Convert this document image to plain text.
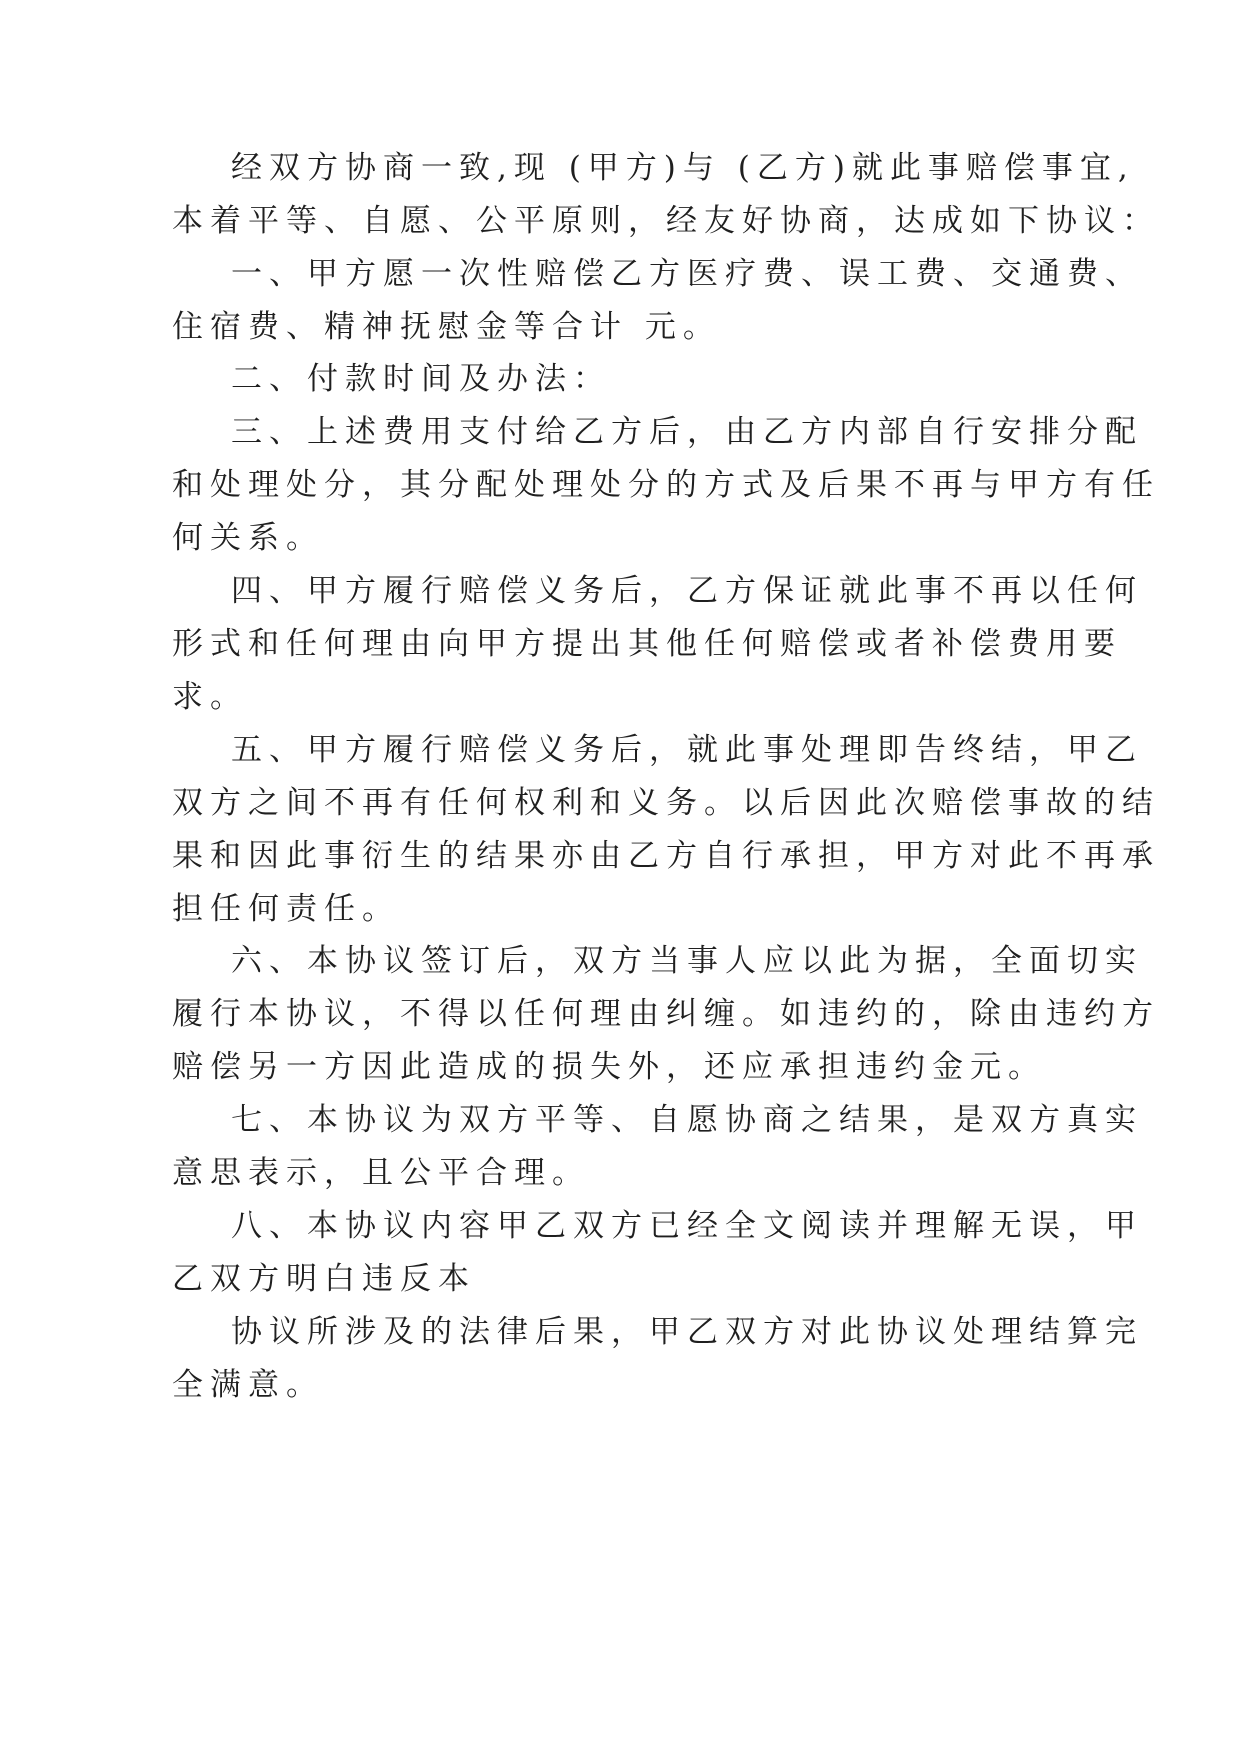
经双方协商一致,现 (甲方)与 (乙方)就此事赔偿事宜,

本着平等、自愿、公平原则，经友好协商，达成如下协议：

一、甲方愿一次性赔偿乙方医疗费、误工费、交通费、

住宿费、精神抚慰金等合计 元。

二、付款时间及办法：

三、上述费用支付给乙方后，由乙方内部自行安排分配

和处理处分，其分配处理处分的方式及后果不再与甲方有任

何关系。

四、甲方履行赔偿义务后，乙方保证就此事不再以任何

形式和任何理由向甲方提出其他任何赔偿或者补偿费用要

求。

五、甲方履行赔偿义务后，就此事处理即告终结，甲乙

双方之间不再有任何权利和义务。以后因此次赔偿事故的结

果和因此事衍生的结果亦由乙方自行承担，甲方对此不再承

担任何责任。

六、本协议签订后，双方当事人应以此为据，全面切实

履行本协议，不得以任何理由纠缠。如违约的，除由违约方

赔偿另一方因此造成的损失外，还应承担违约金元。

七、本协议为双方平等、自愿协商之结果，是双方真实

意思表示，且公平合理。

八、本协议内容甲乙双方已经全文阅读并理解无误，甲

乙双方明白违反本

协议所涉及的法律后果，甲乙双方对此协议处理结算完

全满意。
